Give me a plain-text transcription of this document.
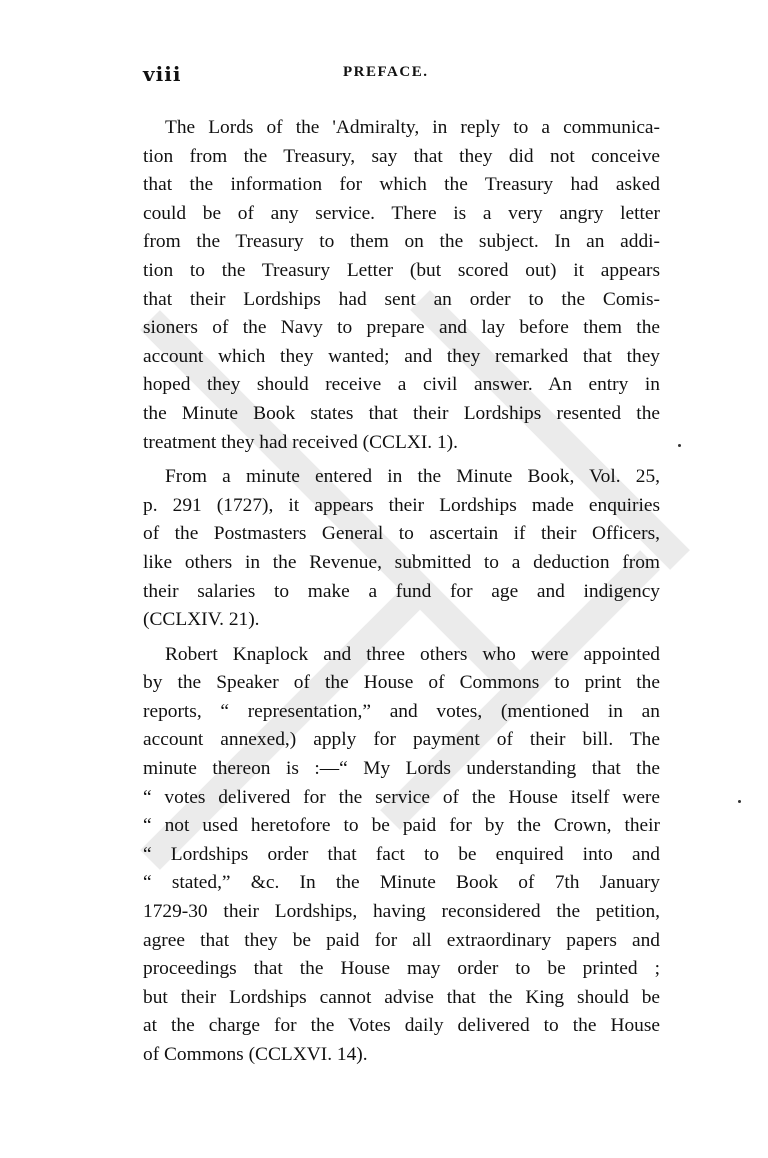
viii	PREFACE.
The Lords of the 'Admiralty, in reply to a communica-
tion from the Treasury, say that they did not conceive
that the information for which the Treasury had asked
could be of any service. There is a very angry letter
from the Treasury to them on the subject. In an addi-
tion to the Treasury Letter (but scored out) it appears
that their Lordships had sent an order to the Comis-
sioners of the Navy to prepare and lay before them the
account which they wanted; and they remarked that they
hoped they should receive a civil answer. An entry in
the Minute Book states that their Lordships resented the
treatment they had received (CCLXI. 1).
From a minute entered in the Minute Book, Vol. 25,
p. 291 (1727), it appears their Lordships made enquiries
of the Postmasters General to ascertain if their Officers,
like others in the Revenue, submitted to a deduction from
their salaries to make a fund for age and indigency
(CCLXIV. 21).
Robert Knaplock and three others who were appointed
by the Speaker of the House of Commons to print the
reports, “ representation,” and votes, (mentioned in an
account annexed,) apply for payment of their bill. The
minute thereon is :—“ My Lords understanding that the
“ votes delivered for the service of the House itself were
“ not used heretofore to be paid for by the Crown, their
“ Lordships order that fact to be enquired into and
“ stated,” &c. In the Minute Book of 7th January
1729-30 their Lordships, having reconsidered the petition,
agree that they be paid for all extraordinary papers and
proceedings that the House may order to be printed ;
but their Lordships cannot advise that the King should be
at the charge for the Votes daily delivered to the House
of Commons (CCLXVI. 14).
